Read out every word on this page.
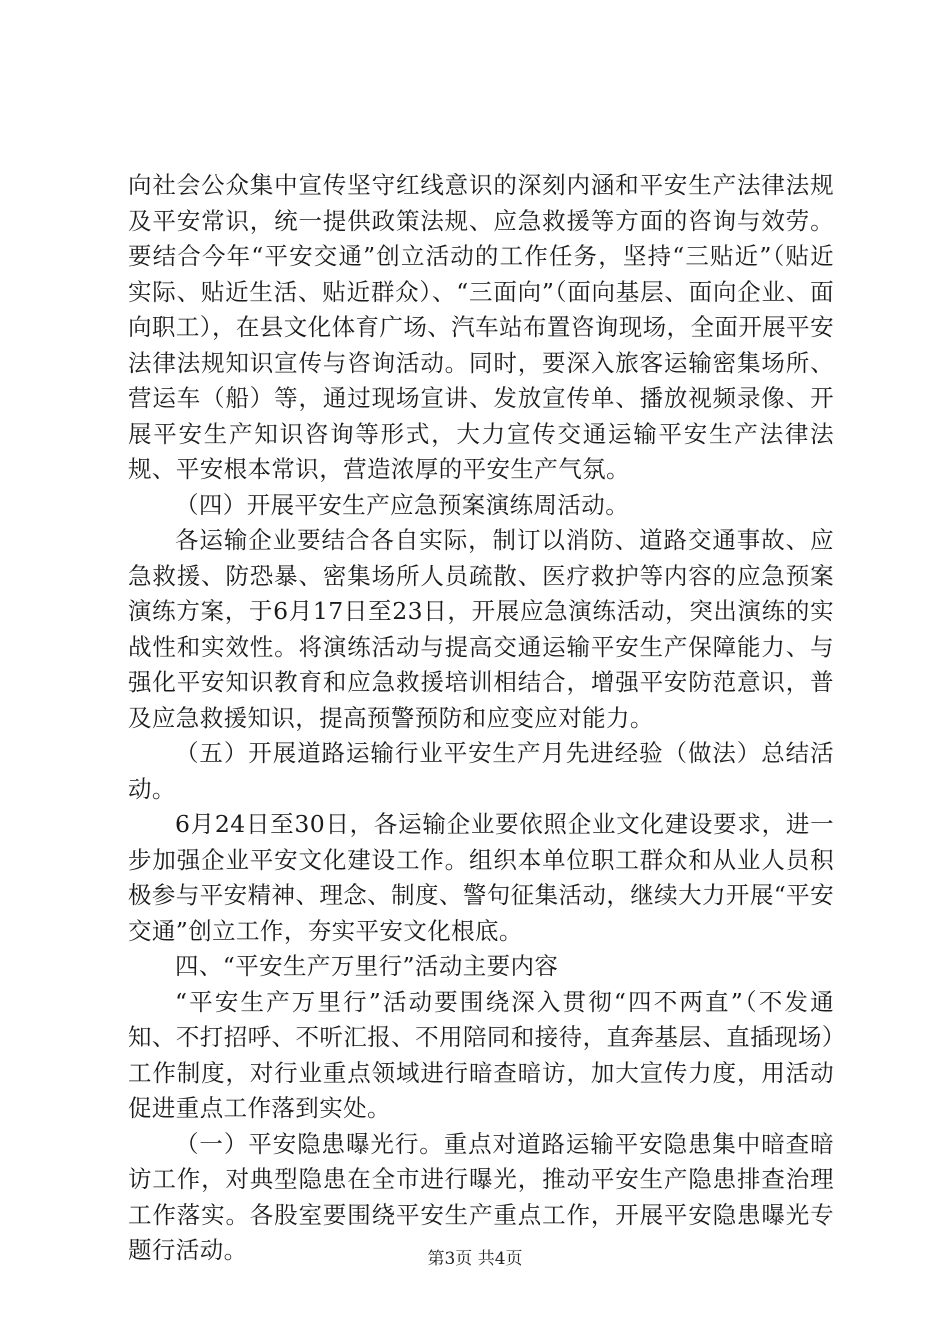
向社会公众集中宣传坚守红线意识的深刻内涵和平安生产法律法规及平安常识，统一提供政策法规、应急救援等方面的咨询与效劳。要结合今年“平安交通”创立活动的工作任务，坚持“三贴近”（贴近实际、贴近生活、贴近群众）、“三面向”（面向基层、面向企业、面向职工），在县文化体育广场、汽车站布置咨询现场，全面开展平安法律法规知识宣传与咨询活动。同时，要深入旅客运输密集场所、营运车（船）等，通过现场宣讲、发放宣传单、播放视频录像、开展平安生产知识咨询等形式，大力宣传交通运输平安生产法律法规、平安根本常识，营造浓厚的平安生产气氛。

（四）开展平安生产应急预案演练周活动。

各运输企业要结合各自实际，制订以消防、道路交通事故、应急救援、防恐暴、密集场所人员疏散、医疗救护等内容的应急预案演练方案，于6月17日至23日，开展应急演练活动，突出演练的实战性和实效性。将演练活动与提高交通运输平安生产保障能力、与强化平安知识教育和应急救援培训相结合，增强平安防范意识，普及应急救援知识，提高预警预防和应变应对能力。

（五）开展道路运输行业平安生产月先进经验（做法）总结活动。

6月24日至30日，各运输企业要依照企业文化建设要求，进一步加强企业平安文化建设工作。组织本单位职工群众和从业人员积极参与平安精神、理念、制度、警句征集活动，继续大力开展“平安交通”创立工作，夯实平安文化根底。

四、“平安生产万里行”活动主要内容

“平安生产万里行”活动要围绕深入贯彻“四不两直”（不发通知、不打招呼、不听汇报、不用陪同和接待，直奔基层、直插现场）工作制度，对行业重点领域进行暗查暗访，加大宣传力度，用活动促进重点工作落到实处。

（一）平安隐患曝光行。重点对道路运输平安隐患集中暗查暗访工作，对典型隐患在全市进行曝光，推动平安生产隐患排查治理工作落实。各股室要围绕平安生产重点工作，开展平安隐患曝光专题行活动。	第3页 共4页
